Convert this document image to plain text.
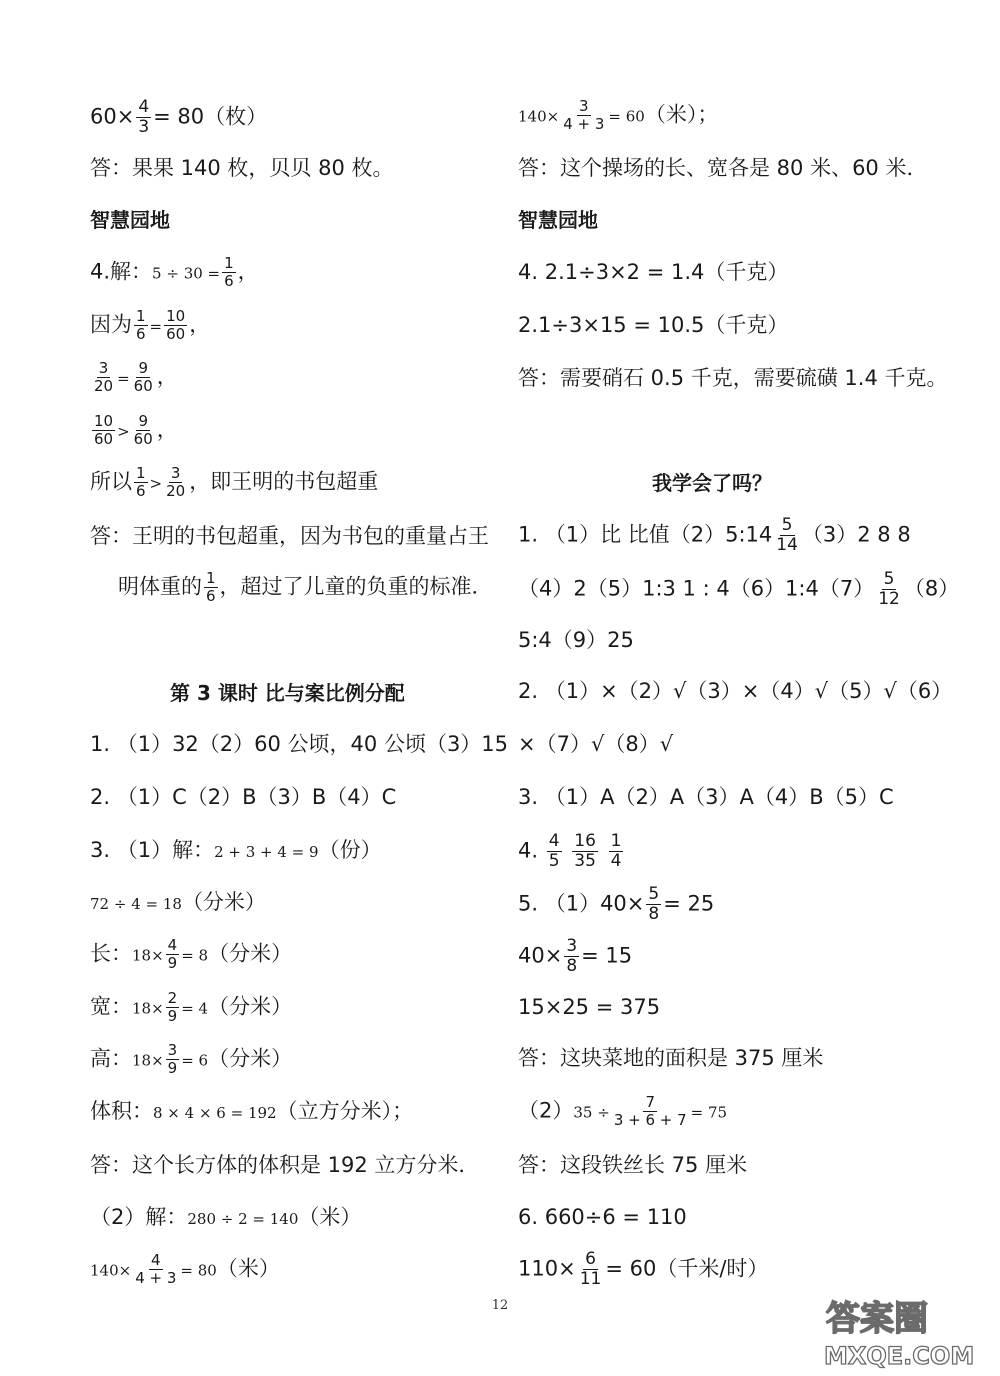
$60\times \frac{4}{3} = 80$（枚）
答：果果 140 枚，贝贝 80 枚。
智慧园地
4.解：$5 \div 30 = \frac{1}{6}$ ，
因为 $\frac{1}{6} = \frac{10}{60}$ ，
$\frac{3}{20} = \frac{9}{60}$ ，
$\frac{10}{60} > \frac{9}{60}$ ，
所以 $\frac{1}{6} > \frac{3}{20}$ ，即王明的书包超重
答：王明的书包超重，因为书包的重量占王
明体重的 $\frac{1}{6}$ ，超过了儿童的负重的标准．
第 3 课时 比与案比例分配
1. （1）32（2）60 公顷，40 公顷（3）15
2. （1）C（2）B（3）B（4）C
3. （1）解：2 + 3 + 4 = 9（份）
72 ÷ 4 = 18（分米）
长：$18\times \frac{4}{9} = 8$（分米）
宽：$18\times \frac{2}{9} = 4$（分米）
高：$18\times \frac{3}{9} = 6$（分米）
体积：8 × 4 × 6 = 192（立方分米）；
答：这个长方体的体积是 192 立方分米．
（2）解：280 ÷ 2 = 140（米）
$140\times \frac{4}{4 + 3} = 80$（米）
$140\times \frac{3}{4 + 3} = 60$（米）；
答：这个操场的长、宽各是 80 米、60 米．
智慧园地
4. 2.1÷3×2 = 1.4（千克）
2.1÷3×15 = 10.5（千克）
答：需要硝石 0.5 千克，需要硫磺 1.4 千克。
我学会了吗？
1. （1）比 比值（2）5:14 $\frac{5}{14} (3)2$ 8 8
（4）2（5）1:3 1 : 4（6）1:4（7） $\frac{5}{12} (8)$
5:4（9）25
2. （1）×（2）√（3）×（4）√（5）√（6）
×（7）√（8）√
3. （1）A（2）A（3）A（4）B（5）C
4. $\frac{4}{5}$
$\frac{16}{35}$
$\frac{1}{4}$
5. $(1)40\times \frac{5}{8} = 25$
$40\times \frac{3}{8} = 15$
15×25 = 375
答：这块菜地的面积是 375 厘米
$(2)35 \div \frac{7}{3 + 6 + 7} = 75$
答：这段铁丝长 75 厘米
6. 660÷6 = 110
$110\times \frac{6}{11} = 60$（千米/时）
12	答案圈
MXQE.COM
